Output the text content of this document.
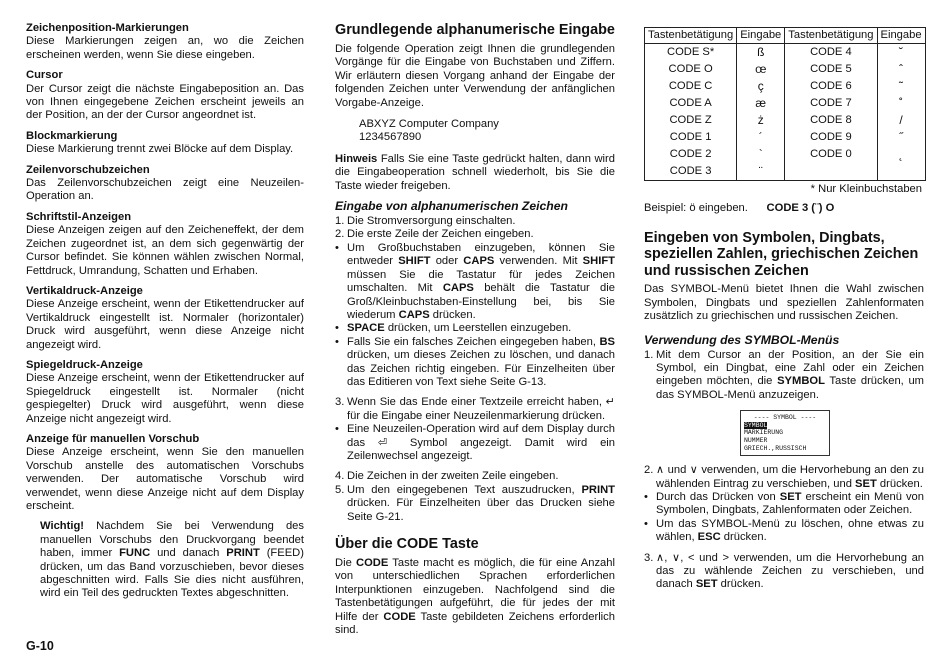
Zeichenposition-Markierungen

Diese Markierungen zeigen an, wo die Zeichen erscheinen werden, wenn Sie diese eingeben.

Cursor

Der Cursor zeigt die nächste Eingabeposition an. Das von Ihnen eingegebene Zeichen erscheint jeweils an der Position, an der der Cursor angeordnet ist.

Blockmarkierung

Diese Markierung trennt zwei Blöcke auf dem Display.

Zeilenvorschubzeichen

Das Zeilenvorschubzeichen zeigt eine Neuzeilen-Operation an.

Schriftstil-Anzeigen

Diese Anzeigen zeigen auf den Zeicheneffekt, der dem Zeichen zugeordnet ist, an dem sich gegenwärtig der Cursor befindet. Sie können wählen zwischen Normal, Fettdruck, Umrandung, Schatten und Erhaben.

Vertikaldruck-Anzeige

Diese Anzeige erscheint, wenn der Etikettendrucker auf Vertikaldruck eingestellt ist. Normaler (horizontaler) Druck wird ausgeführt, wenn diese Anzeige nicht angezeigt wird.

Spiegeldruck-Anzeige

Diese Anzeige erscheint, wenn der Etikettendrucker auf Spiegeldruck eingestellt ist. Normaler (nicht gespiegelter) Druck wird ausgeführt, wenn diese Anzeige nicht angezeigt wird.

Anzeige für manuellen Vorschub

Diese Anzeige erscheint, wenn Sie den manuellen Vorschub anstelle des automatischen Vorschubs verwenden. Der automatische Vorschub wird verwendet, wenn diese Anzeige nicht auf dem Display erscheint.

Wichtig! Nachdem Sie bei Verwendung des manuellen Vorschubs den Druckvorgang beendet haben, immer FUNC und danach PRINT (FEED) drücken, um das Band vorzuschieben, bevor dieses abgeschnitten wird. Falls Sie dies nicht ausführen, wird ein Teil des gedruckten Textes abgeschnitten.

Grundlegende alphanumerische Eingabe

Die folgende Operation zeigt Ihnen die grundlegenden Vorgänge für die Eingabe von Buchstaben und Ziffern. Wir erläutern diesen Vorgang anhand der Eingabe der folgenden Zeichen unter Verwendung der anfänglichen Vorgabe-Anzeige.

ABXYZ Computer Company
1234567890

Hinweis Falls Sie eine Taste gedrückt halten, dann wird die Eingabeoperation schnell wiederholt, bis Sie die Taste wieder freigeben.

Eingabe von alphanumerischen Zeichen
1. Die Stromversorgung einschalten.
2. Die erste Zeile der Zeichen eingeben.
• Um Großbuchstaben einzugeben, können Sie entweder SHIFT oder CAPS verwenden. Mit SHIFT müssen Sie die Tastatur für jedes Zeichen umschalten. Mit CAPS behält die Tastatur die Groß/Kleinbuchstaben-Einstellung bei, bis Sie wiederum CAPS drücken.
• SPACE drücken, um Leerstellen einzugeben.
• Falls Sie ein falsches Zeichen eingegeben haben, BS drücken, um dieses Zeichen zu löschen, und danach das Zeichen richtig eingeben. Für Einzelheiten über das Editieren von Text siehe Seite G-13.
3. Wenn Sie das Ende einer Textzeile erreicht haben, ↵ für die Eingabe einer Neuzeilenmarkierung drücken.
• Eine Neuzeilen-Operation wird auf dem Display durch das ⏎ Symbol angezeigt. Damit wird ein Zeilenwechsel angezeigt.
4. Die Zeichen in der zweiten Zeile eingeben.
5. Um den eingegebenen Text auszudrucken, PRINT drücken. Für Einzelheiten über das Drucken siehe Seite G-21.
Über die CODE Taste

Die CODE Taste macht es möglich, die für eine Anzahl von unterschiedlichen Sprachen erforderlichen Interpunktionen einzugeben. Nachfolgend sind die Tastenbetätigungen aufgeführt, die für jedes der mit Hilfe der CODE Taste gebildeten Zeichens erforderlich sind.

Tastenbetätigung	Eingabe	Tastenbetätigung	Eingabe
CODE S*	ß	CODE 4	˘
CODE O	œ	CODE 5	ˆ
CODE C	ç	CODE 6	˜
CODE A	æ	CODE 7	˚
CODE Z	ż	CODE 8	/
CODE 1	´	CODE 9	˝
CODE 2	`	CODE 0	˛
CODE 3	¨		
* Nur Kleinbuchstaben
Beispiel: ö eingeben. CODE 3 (¨) O
Eingeben von Symbolen, Dingbats, speziellen Zahlen, griechischen Zeichen und russischen Zeichen

Das SYMBOL-Menü bietet Ihnen die Wahl zwischen Symbolen, Dingbats und speziellen Zahlenformaten zusätzlich zu griechischen und russischen Zeichen.

Verwendung des SYMBOL-Menüs
1. Mit dem Cursor an der Position, an der Sie ein Symbol, ein Dingbat, eine Zahl oder ein Zeichen eingeben möchten, die SYMBOL Taste drücken, um das SYMBOL-Menü anzuzeigen.
---- SYMBOL ----
SYMBOL
MARKIERUNG
NUMMER
GRIECH.,RUSSISCH
2. ∧ und ∨ verwenden, um die Hervorhebung an den zu wählenden Eintrag zu verschieben, und SET drücken.
• Durch das Drücken von SET erscheint ein Menü von Symbolen, Dingbats, Zahlenformaten oder Zeichen.
• Um das SYMBOL-Menü zu löschen, ohne etwas zu wählen, ESC drücken.
3. ∧, ∨, < und > verwenden, um die Hervorhebung an das zu wählende Zeichen zu verschieben, und danach SET drücken.
G-10
